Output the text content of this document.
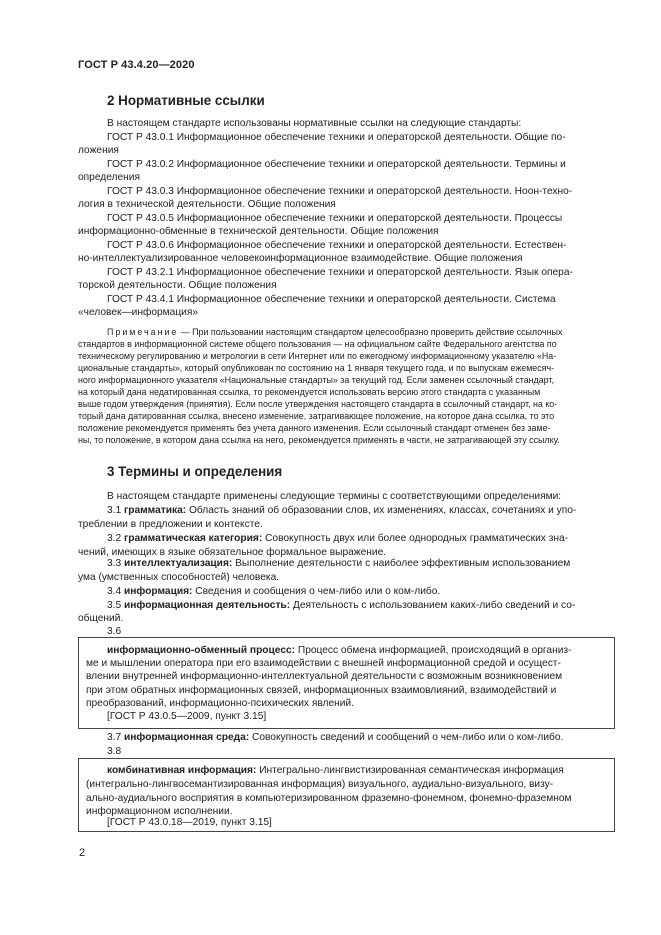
ГОСТ Р 43.4.20—2020
2 Нормативные ссылки
В настоящем стандарте использованы нормативные ссылки на следующие стандарты:
ГОСТ Р 43.0.1 Информационное обеспечение техники и операторской деятельности. Общие по-
ложения
ГОСТ Р 43.0.2 Информационное обеспечение техники и операторской деятельности. Термины и
определения
ГОСТ Р 43.0.3 Информационное обеспечение техники и операторской деятельности. Ноон-техно-
логия в технической деятельности. Общие положения
ГОСТ Р 43.0.5 Информационное обеспечение техники и операторской деятельности. Процессы
информационно-обменные в технической деятельности. Общие положения
ГОСТ Р 43.0.6 Информационное обеспечение техники и операторской деятельности. Естествен-
но-интеллектуализированное человекоинформационное взаимодействие. Общие положения
ГОСТ Р 43.2.1 Информационное обеспечение техники и операторской деятельности. Язык опера-
торской деятельности. Общие положения
ГОСТ Р 43.4.1 Информационное обеспечение техники и операторской деятельности. Система
«человек—информация»
Примечание — При пользовании настоящим стандартом целесообразно проверить действие ссылочных
стандартов в информационной системе общего пользования — на официальном сайте Федерального агентства по
техническому регулированию и метрологии в сети Интернет или по ежегодному информационному указателю «На-
циональные стандарты», который опубликован по состоянию на 1 января текущего года, и по выпускам ежемесяч-
ного информационного указателя «Национальные стандарты» за текущий год. Если заменен ссылочный стандарт,
на который дана недатированная ссылка, то рекомендуется использовать версию этого стандарта с указанным
выше годом утверждения (принятия). Если после утверждения настоящего стандарта в ссылочный стандарт, на ко-
торый дана датированная ссылка, внесено изменение, затрагивающее положение, на которое дана ссылка, то это
положение рекомендуется применять без учета данного изменения. Если ссылочный стандарт отменен без заме-
ны, то положение, в котором дана ссылка на него, рекомендуется применять в части, не затрагивающей эту ссылку.
3 Термины и определения
В настоящем стандарте применены следующие термины с соответствующими определениями:
3.1 грамматика: Область знаний об образовании слов, их изменениях, классах, сочетаниях и упо-
треблении в предложении и контексте.
3.2 грамматическая категория: Совокупность двух или более однородных грамматических зна-
чений, имеющих в языке обязательное формальное выражение.
3.3 интеллектуализация: Выполнение деятельности с наиболее эффективным использованием
ума (умственных способностей) человека.
3.4 информация: Сведения и сообщения о чем-либо или о ком-либо.
3.5 информационная деятельность: Деятельность с использованием каких-либо сведений и со-
общений.
3.6
информационно-обменный процесс: Процесс обмена информацией, происходящий в организ-
ме и мышлении оператора при его взаимодействии с внешней информационной средой и осущест-
влении внутренней информационно-интеллектуальной деятельности с возможным возникновением
при этом обратных информационных связей, информационных взаимовлияний, взаимодействий и
преобразований, информационно-психических явлений.
[ГОСТ Р 43.0.5—2009, пункт 3.15]
3.7 информационная среда: Совокупность сведений и сообщений о чем-либо или о ком-либо.
3.8
комбинативная информация: Интегрально-лингвистизированная семантическая информация
(интегрально-лингвосемантизированная информация) визуального, аудиально-визуального, визу-
ально-аудиального восприятия в компьютеризированном фраземно-фонемном, фонемно-фраземном
информационном исполнении.
[ГОСТ Р 43.0.18—2019, пункт 3.15]
2
